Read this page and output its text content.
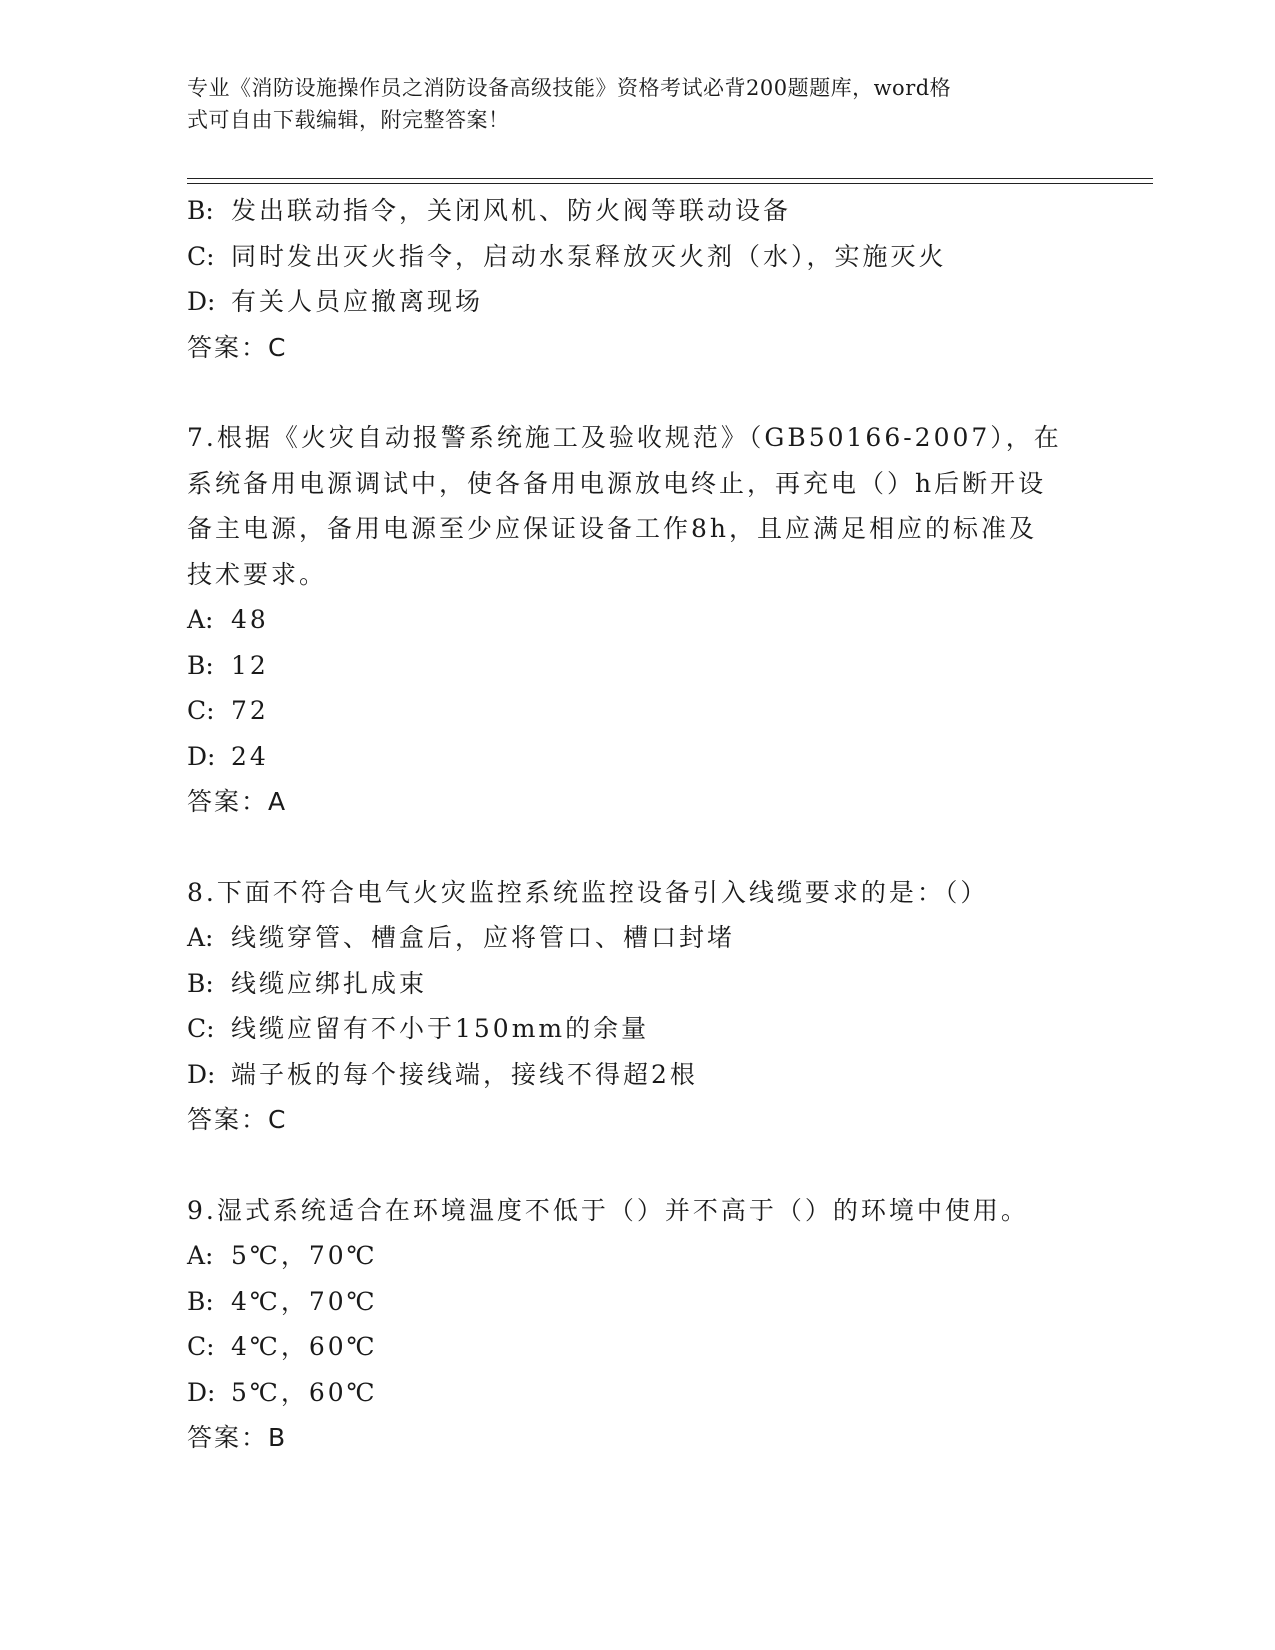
专业《消防设施操作员之消防设备高级技能》资格考试必背200题题库，word格
式可自由下载编辑，附完整答案！
B: 发出联动指令，关闭风机、防火阀等联动设备
C: 同时发出灭火指令，启动水泵释放灭火剂（水），实施灭火
D: 有关人员应撤离现场
答案：C
7.根据《火灾自动报警系统施工及验收规范》（GB50166-2007），在
系统备用电源调试中，使各备用电源放电终止，再充电（）h后断开设
备主电源，备用电源至少应保证设备工作8h，且应满足相应的标准及
技术要求。
A: 48
B: 12
C: 72
D: 24
答案：A
8.下面不符合电气火灾监控系统监控设备引入线缆要求的是：（）
A: 线缆穿管、槽盒后，应将管口、槽口封堵
B: 线缆应绑扎成束
C: 线缆应留有不小于150mm的余量
D: 端子板的每个接线端，接线不得超2根
答案：C
9.湿式系统适合在环境温度不低于（）并不高于（）的环境中使用。
A: 5℃，70℃
B: 4℃，70℃
C: 4℃，60℃
D: 5℃，60℃
答案：B
